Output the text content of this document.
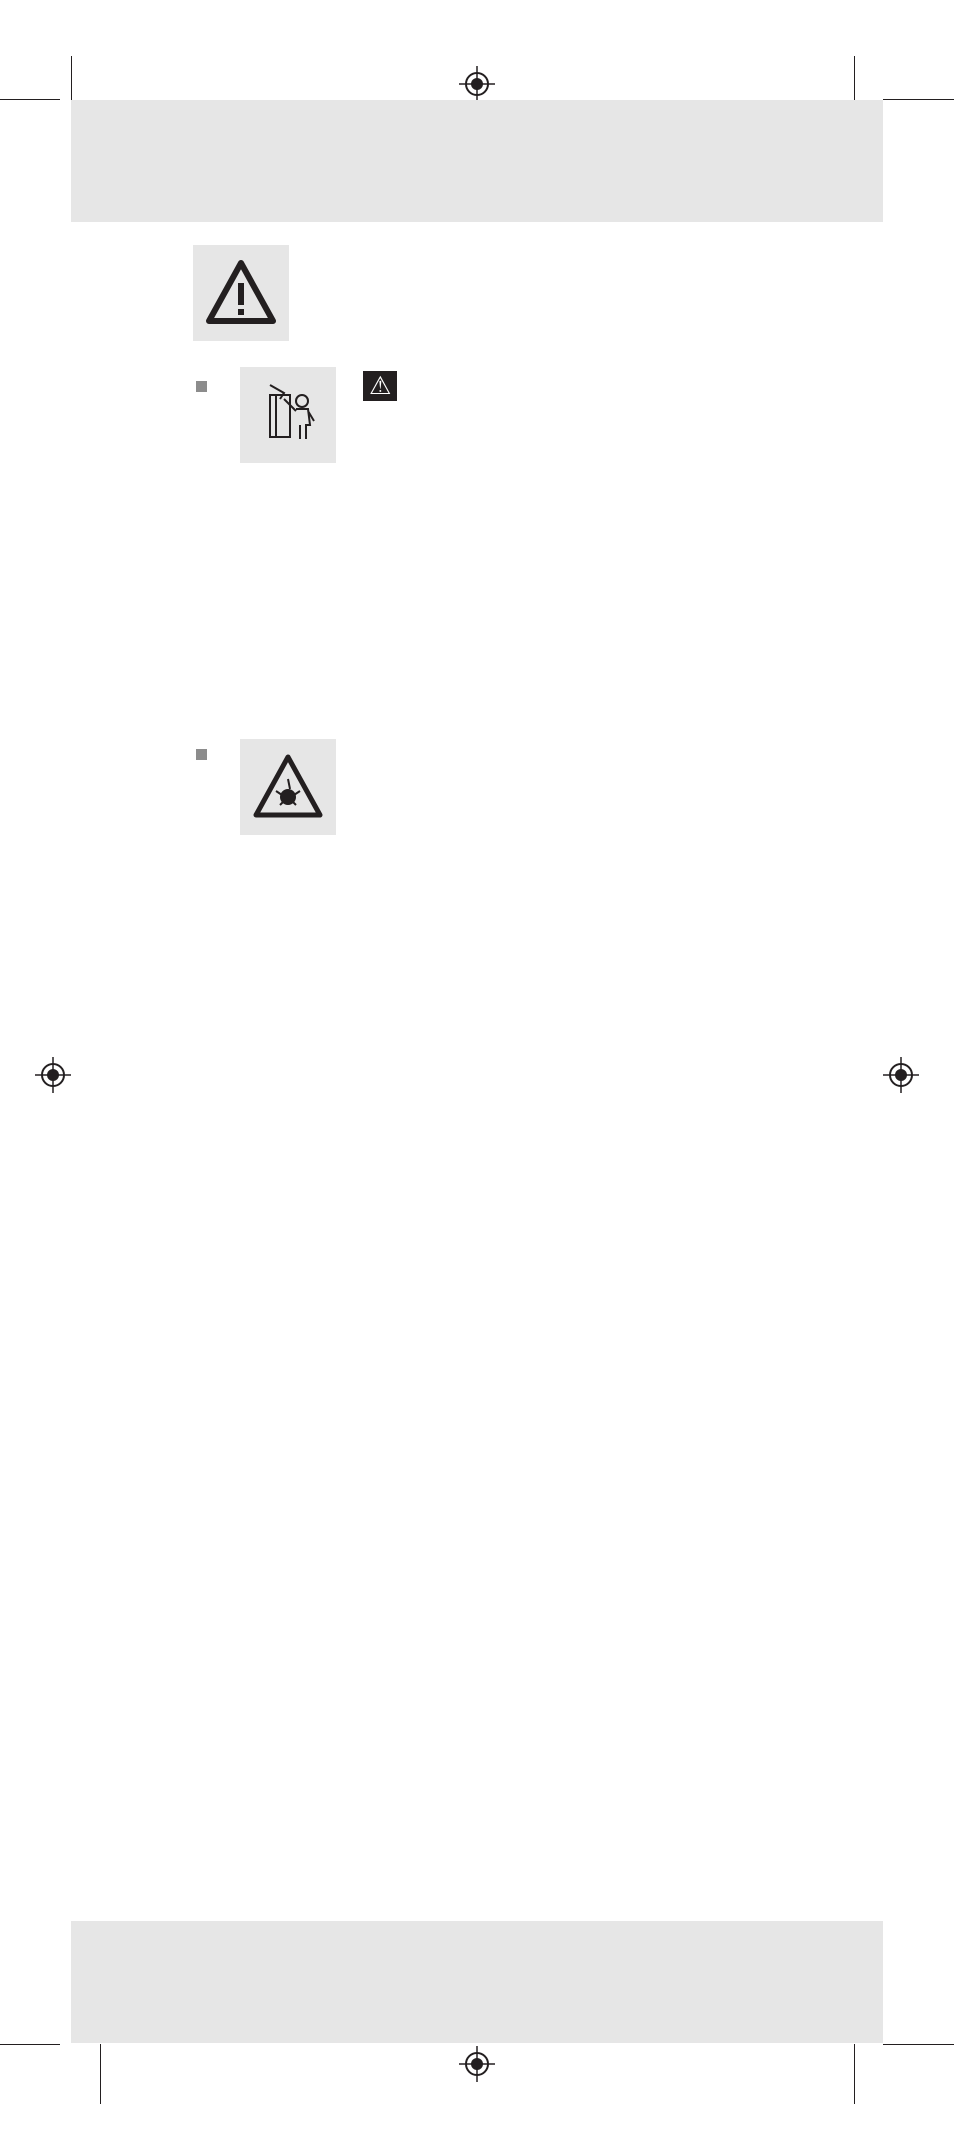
⚠
